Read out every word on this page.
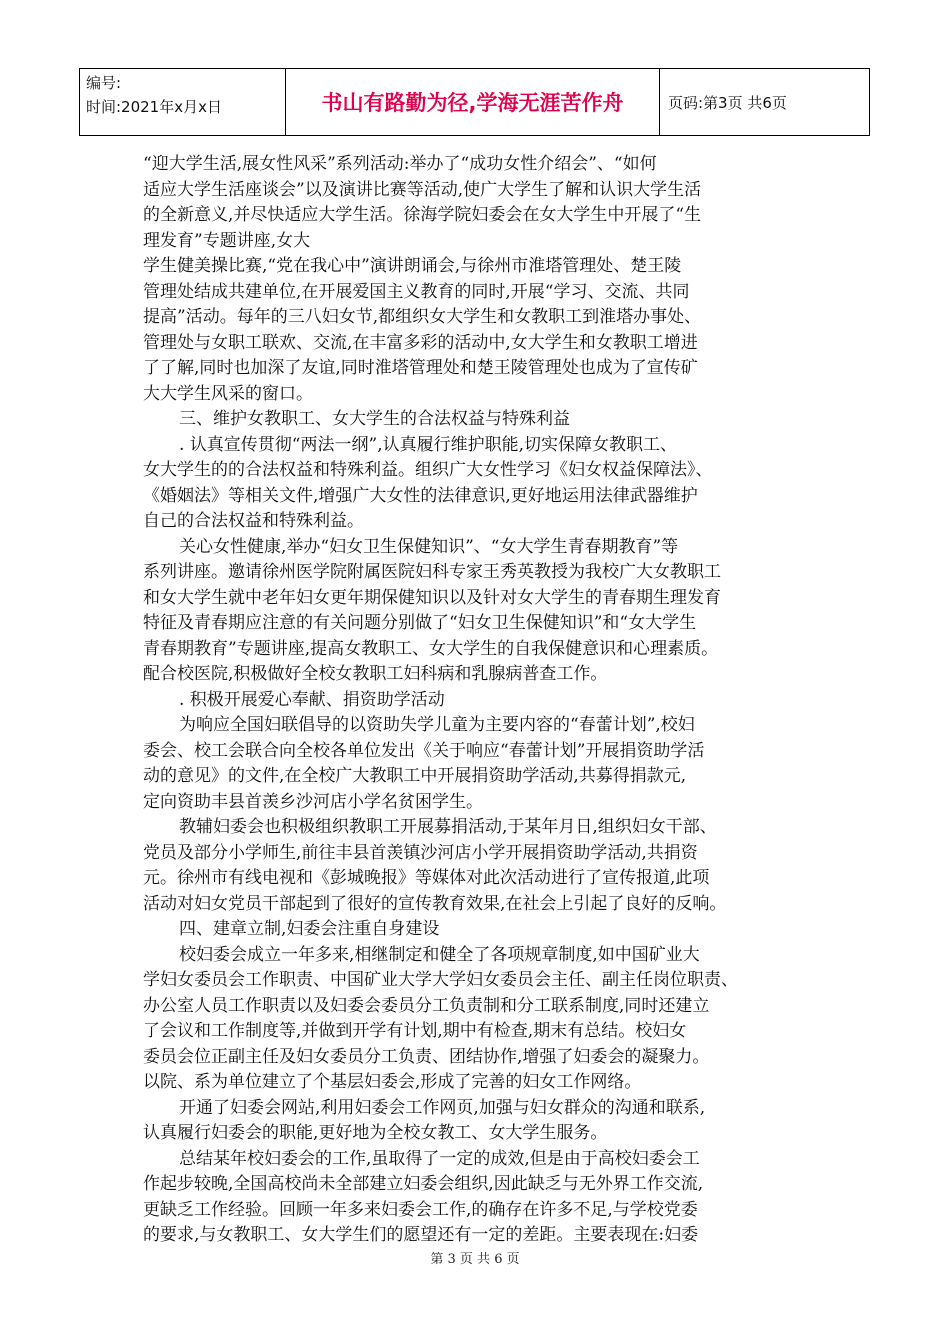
编号:
时间:2021年x月x日	书山有路勤为径,学海无涯苦作舟	页码:第3页 共6页
“迎大学生活,展女性风采”系列活动:举办了“成功女性介绍会”、“如何
适应大学生活座谈会”以及演讲比赛等活动,使广大学生了解和认识大学生活
的全新意义,并尽快适应大学生活。徐海学院妇委会在女大学生中开展了“生
理发育”专题讲座,女大
学生健美操比赛,“党在我心中”演讲朗诵会,与徐州市淮塔管理处、楚王陵
管理处结成共建单位,在开展爱国主义教育的同时,开展“学习、交流、共同
提高”活动。每年的三八妇女节,都组织女大学生和女教职工到淮塔办事处、
管理处与女职工联欢、交流,在丰富多彩的活动中,女大学生和女教职工增进
了了解,同时也加深了友谊,同时淮塔管理处和楚王陵管理处也成为了宣传矿
大大学生风采的窗口。
三、维护女教职工、女大学生的合法权益与特殊利益
. 认真宣传贯彻“两法一纲”,认真履行维护职能,切实保障女教职工、
女大学生的的合法权益和特殊利益。组织广大女性学习《妇女权益保障法》、
《婚姻法》等相关文件,增强广大女性的法律意识,更好地运用法律武器维护
自己的合法权益和特殊利益。
关心女性健康,举办“妇女卫生保健知识”、“女大学生青春期教育”等
系列讲座。邀请徐州医学院附属医院妇科专家王秀英教授为我校广大女教职工
和女大学生就中老年妇女更年期保健知识以及针对女大学生的青春期生理发育
特征及青春期应注意的有关问题分别做了“妇女卫生保健知识”和“女大学生
青春期教育”专题讲座,提高女教职工、女大学生的自我保健意识和心理素质。
配合校医院,积极做好全校女教职工妇科病和乳腺病普查工作。
. 积极开展爱心奉献、捐资助学活动
为响应全国妇联倡导的以资助失学儿童为主要内容的“春蕾计划”,校妇
委会、校工会联合向全校各单位发出《关于响应“春蕾计划”开展捐资助学活
动的意见》的文件,在全校广大教职工中开展捐资助学活动,共募得捐款元,
定向资助丰县首羡乡沙河店小学名贫困学生。
教辅妇委会也积极组织教职工开展募捐活动,于某年月日,组织妇女干部、
党员及部分小学师生,前往丰县首羡镇沙河店小学开展捐资助学活动,共捐资
元。徐州市有线电视和《彭城晚报》等媒体对此次活动进行了宣传报道,此项
活动对妇女党员干部起到了很好的宣传教育效果,在社会上引起了良好的反响。
四、建章立制,妇委会注重自身建设
校妇委会成立一年多来,相继制定和健全了各项规章制度,如中国矿业大
学妇女委员会工作职责、中国矿业大学大学妇女委员会主任、副主任岗位职责、
办公室人员工作职责以及妇委会委员分工负责制和分工联系制度,同时还建立
了会议和工作制度等,并做到开学有计划,期中有检查,期末有总结。校妇女
委员会位正副主任及妇女委员分工负责、团结协作,增强了妇委会的凝聚力。
以院、系为单位建立了个基层妇委会,形成了完善的妇女工作网络。
开通了妇委会网站,利用妇委会工作网页,加强与妇女群众的沟通和联系,
认真履行妇委会的职能,更好地为全校女教工、女大学生服务。
总结某年校妇委会的工作,虽取得了一定的成效,但是由于高校妇委会工
作起步较晚,全国高校尚未全部建立妇委会组织,因此缺乏与无外界工作交流,
更缺乏工作经验。回顾一年多来妇委会工作,的确存在许多不足,与学校党委
的要求,与女教职工、女大学生们的愿望还有一定的差距。主要表现在:妇委
第 3 页 共 6 页
